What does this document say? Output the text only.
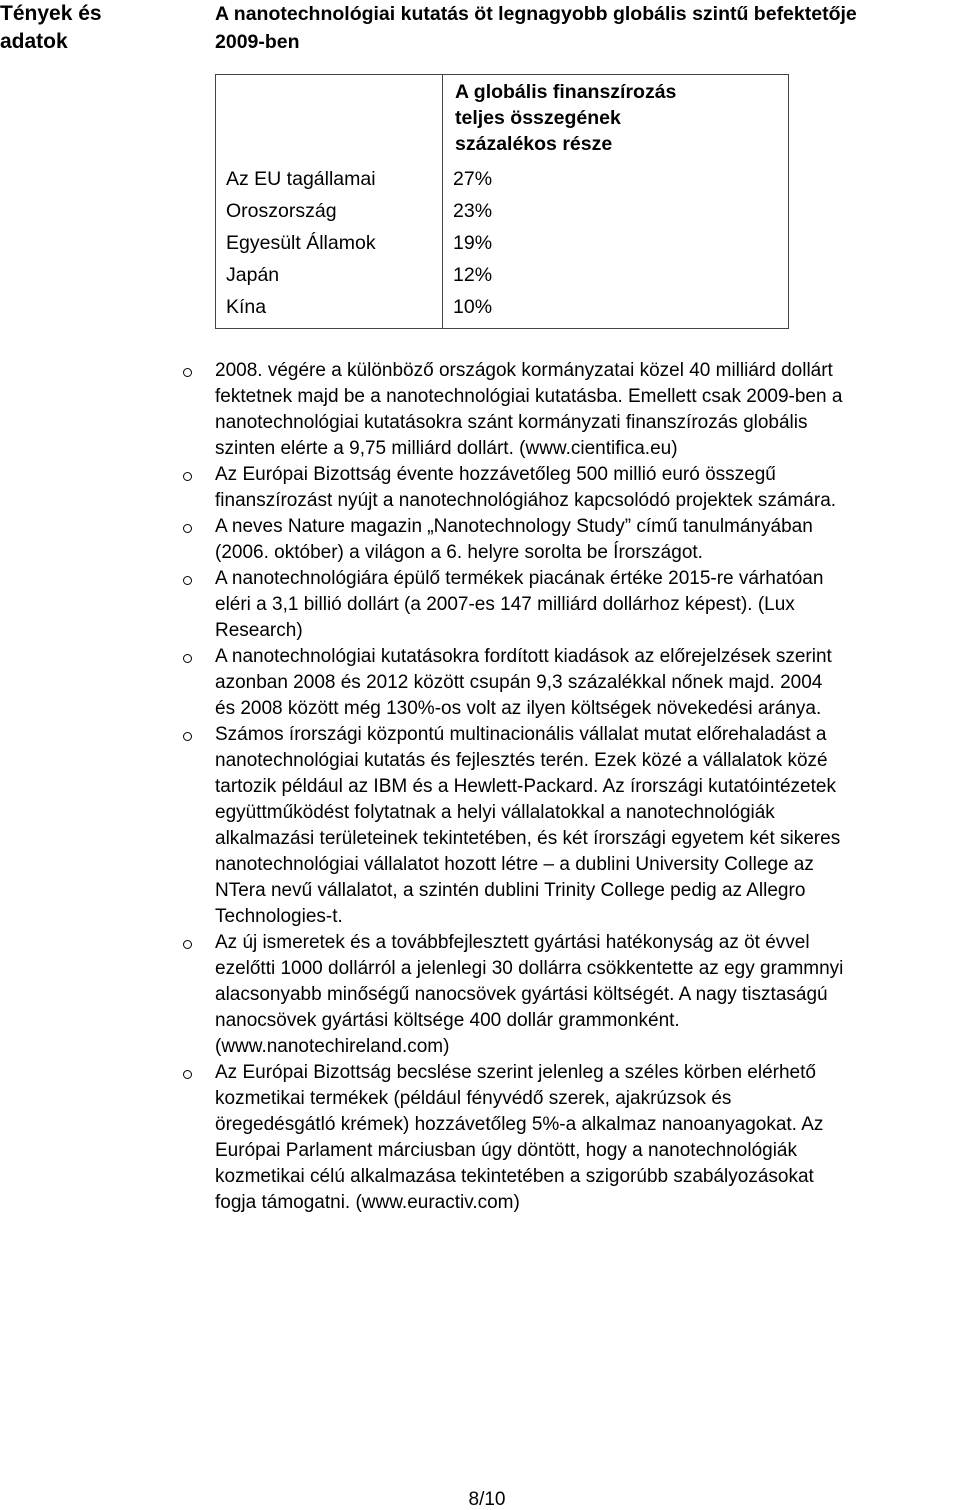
Tények és
adatok
A nanotechnológiai kutatás öt legnagyobb globális szintű befektetője
2009-ben

	A globális finanszírozás
teljes összegének
százalékos része

Az EU tagállamai	27%
Oroszország	23%
Egyesült Államok	19%
Japán	12%
Kína	10%
2008. végére a különböző országok kormányzatai közel 40 milliárd dollárt
fektetnek majd be a nanotechnológiai kutatásba. Emellett csak 2009-ben a
nanotechnológiai kutatásokra szánt kormányzati finanszírozás globális
szinten elérte a 9,75 milliárd dollárt. (www.cientifica.eu)
Az Európai Bizottság évente hozzávetőleg 500 millió euró összegű
finanszírozást nyújt a nanotechnológiához kapcsolódó projektek számára.
A neves Nature magazin „Nanotechnology Study” című tanulmányában
(2006. október) a világon a 6. helyre sorolta be Írországot.
A nanotechnológiára épülő termékek piacának értéke 2015-re várhatóan
eléri a 3,1 billió dollárt (a 2007-es 147 milliárd dollárhoz képest). (Lux
Research)
A nanotechnológiai kutatásokra fordított kiadások az előrejelzések szerint
azonban 2008 és 2012 között csupán 9,3 százalékkal nőnek majd. 2004
és 2008 között még 130%-os volt az ilyen költségek növekedési aránya.
Számos írországi központú multinacionális vállalat mutat előrehaladást a
nanotechnológiai kutatás és fejlesztés terén. Ezek közé a vállalatok közé
tartozik például az IBM és a Hewlett-Packard. Az írországi kutatóintézetek
együttműködést folytatnak a helyi vállalatokkal a nanotechnológiák
alkalmazási területeinek tekintetében, és két írországi egyetem két sikeres
nanotechnológiai vállalatot hozott létre – a dublini University College az
NTera nevű vállalatot, a szintén dublini Trinity College pedig az Allegro
Technologies-t.
Az új ismeretek és a továbbfejlesztett gyártási hatékonyság az öt évvel
ezelőtti 1000 dollárról a jelenlegi 30 dollárra csökkentette az egy grammnyi
alacsonyabb minőségű nanocsövek gyártási költségét. A nagy tisztaságú
nanocsövek gyártási költsége 400 dollár grammonként.
(www.nanotechireland.com)
Az Európai Bizottság becslése szerint jelenleg a széles körben elérhető
kozmetikai termékek (például fényvédő szerek, ajakrúzsok és
öregedésgátló krémek) hozzávetőleg 5%-a alkalmaz nanoanyagokat. Az
Európai Parlament márciusban úgy döntött, hogy a nanotechnológiák
kozmetikai célú alkalmazása tekintetében a szigorúbb szabályozásokat
fogja támogatni. (www.euractiv.com)
8/10
